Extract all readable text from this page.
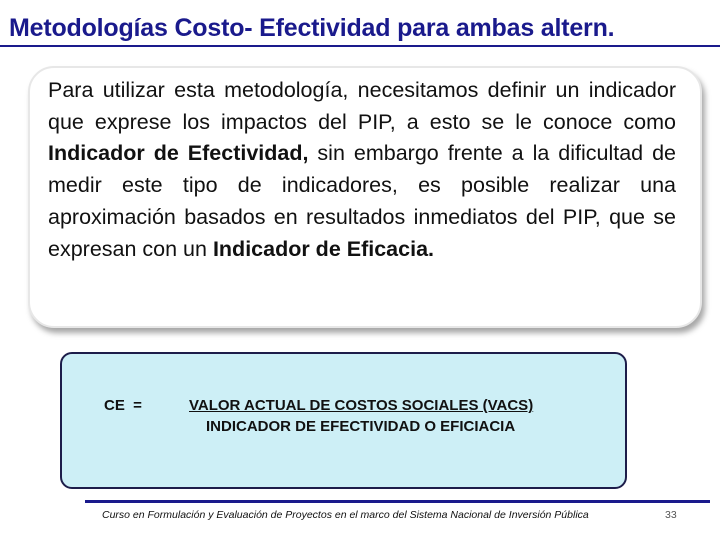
Metodologías Costo- Efectividad para ambas altern.

Para utilizar esta metodología, necesitamos definir un indicador que exprese los impactos del PIP, a esto se le conoce como Indicador de Efectividad, sin embargo frente a la dificultad de medir este tipo de indicadores, es posible realizar una aproximación basados en resultados inmediatos del PIP, que se expresan con un Indicador de Eficacia.

CE  =	VALOR ACTUAL DE COSTOS SOCIALES (VACS)
INDICADOR DE EFECTIVIDAD O EFICIACIA
Curso en Formulación y Evaluación de Proyectos en el marco del Sistema Nacional de Inversión Pública	33
